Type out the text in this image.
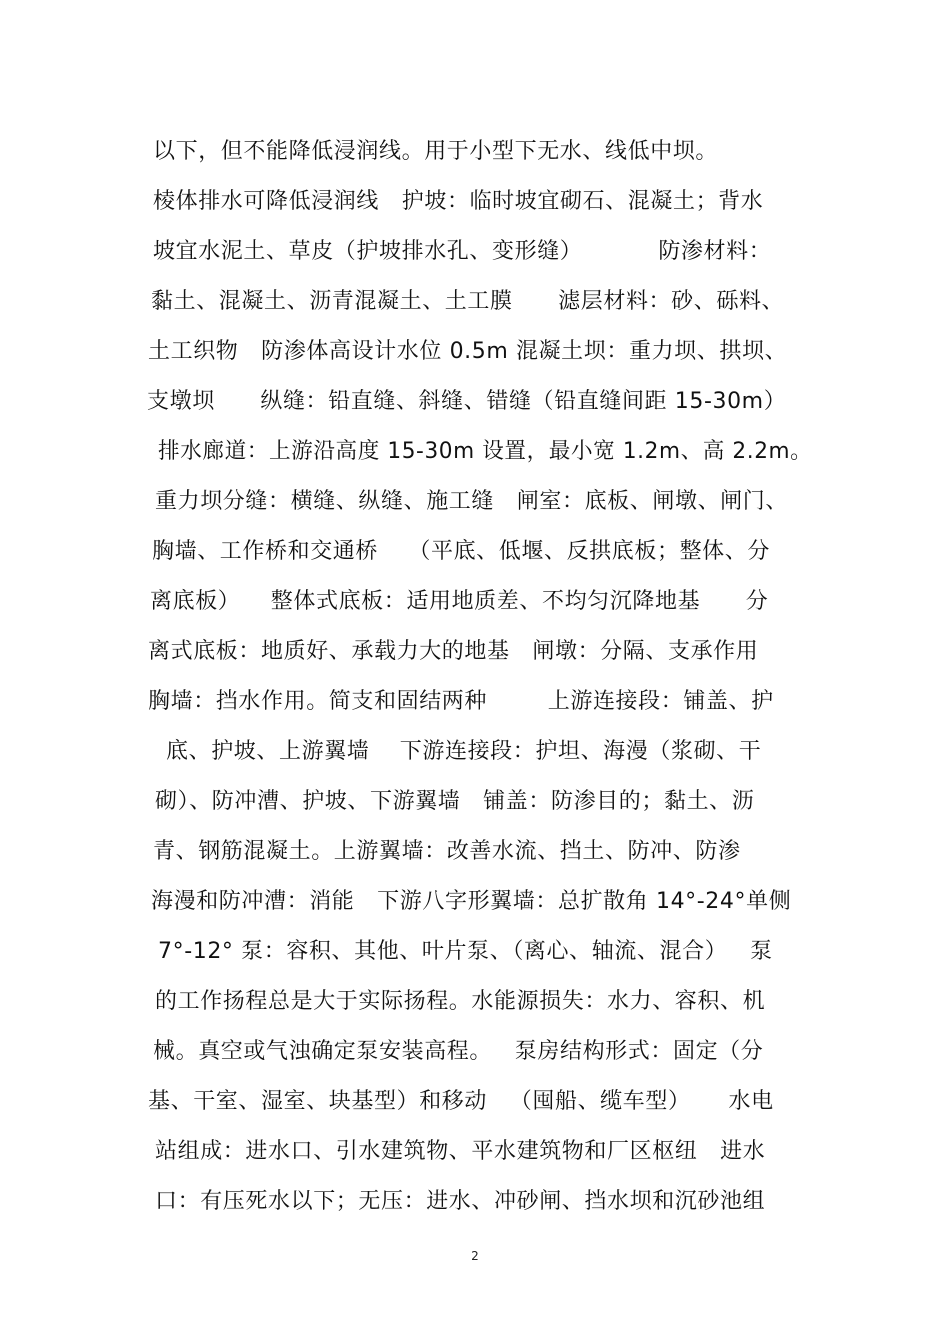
以下，但不能降低浸润线。用于小型下无水、线低中坝。
棱体排水可降低浸润线   护坡：临时坡宜砌石、混凝土；背水
坡宜水泥土、草皮（护坡排水孔、变形缝）          防渗材料：
黏土、混凝土、沥青混凝土、土工膜      滤层材料：砂、砾料、
土工织物   防渗体高设计水位 0.5m 混凝土坝：重力坝、拱坝、
支墩坝      纵缝：铅直缝、斜缝、错缝（铅直缝间距 15-30m）
排水廊道：上游沿高度 15-30m 设置，最小宽 1.2m、高 2.2m。
重力坝分缝：横缝、纵缝、施工缝   闸室：底板、闸墩、闸门、
胸墙、工作桥和交通桥    （平底、低堰、反拱底板；整体、分
离底板）    整体式底板：适用地质差、不均匀沉降地基      分
离式底板：地质好、承载力大的地基   闸墩：分隔、支承作用
胸墙：挡水作用。简支和固结两种        上游连接段：铺盖、护
底、护坡、上游翼墙    下游连接段：护坦、海漫（浆砌、干
砌）、防冲漕、护坡、下游翼墙   铺盖：防渗目的；黏土、沥
青、钢筋混凝土。上游翼墙：改善水流、挡土、防冲、防渗
海漫和防冲漕：消能   下游八字形翼墙：总扩散角 14°-24°单侧
7°-12° 泵：容积、其他、叶片泵、（离心、轴流、混合）   泵
的工作扬程总是大于实际扬程。水能源损失：水力、容积、机
械。真空或气浊确定泵安装高程。   泵房结构形式：固定（分
基、干室、湿室、块基型）和移动   （囤船、缆车型）     水电
站组成：进水口、引水建筑物、平水建筑物和厂区枢纽   进水
口：有压死水以下；无压：进水、冲砂闸、挡水坝和沉砂池组
2
